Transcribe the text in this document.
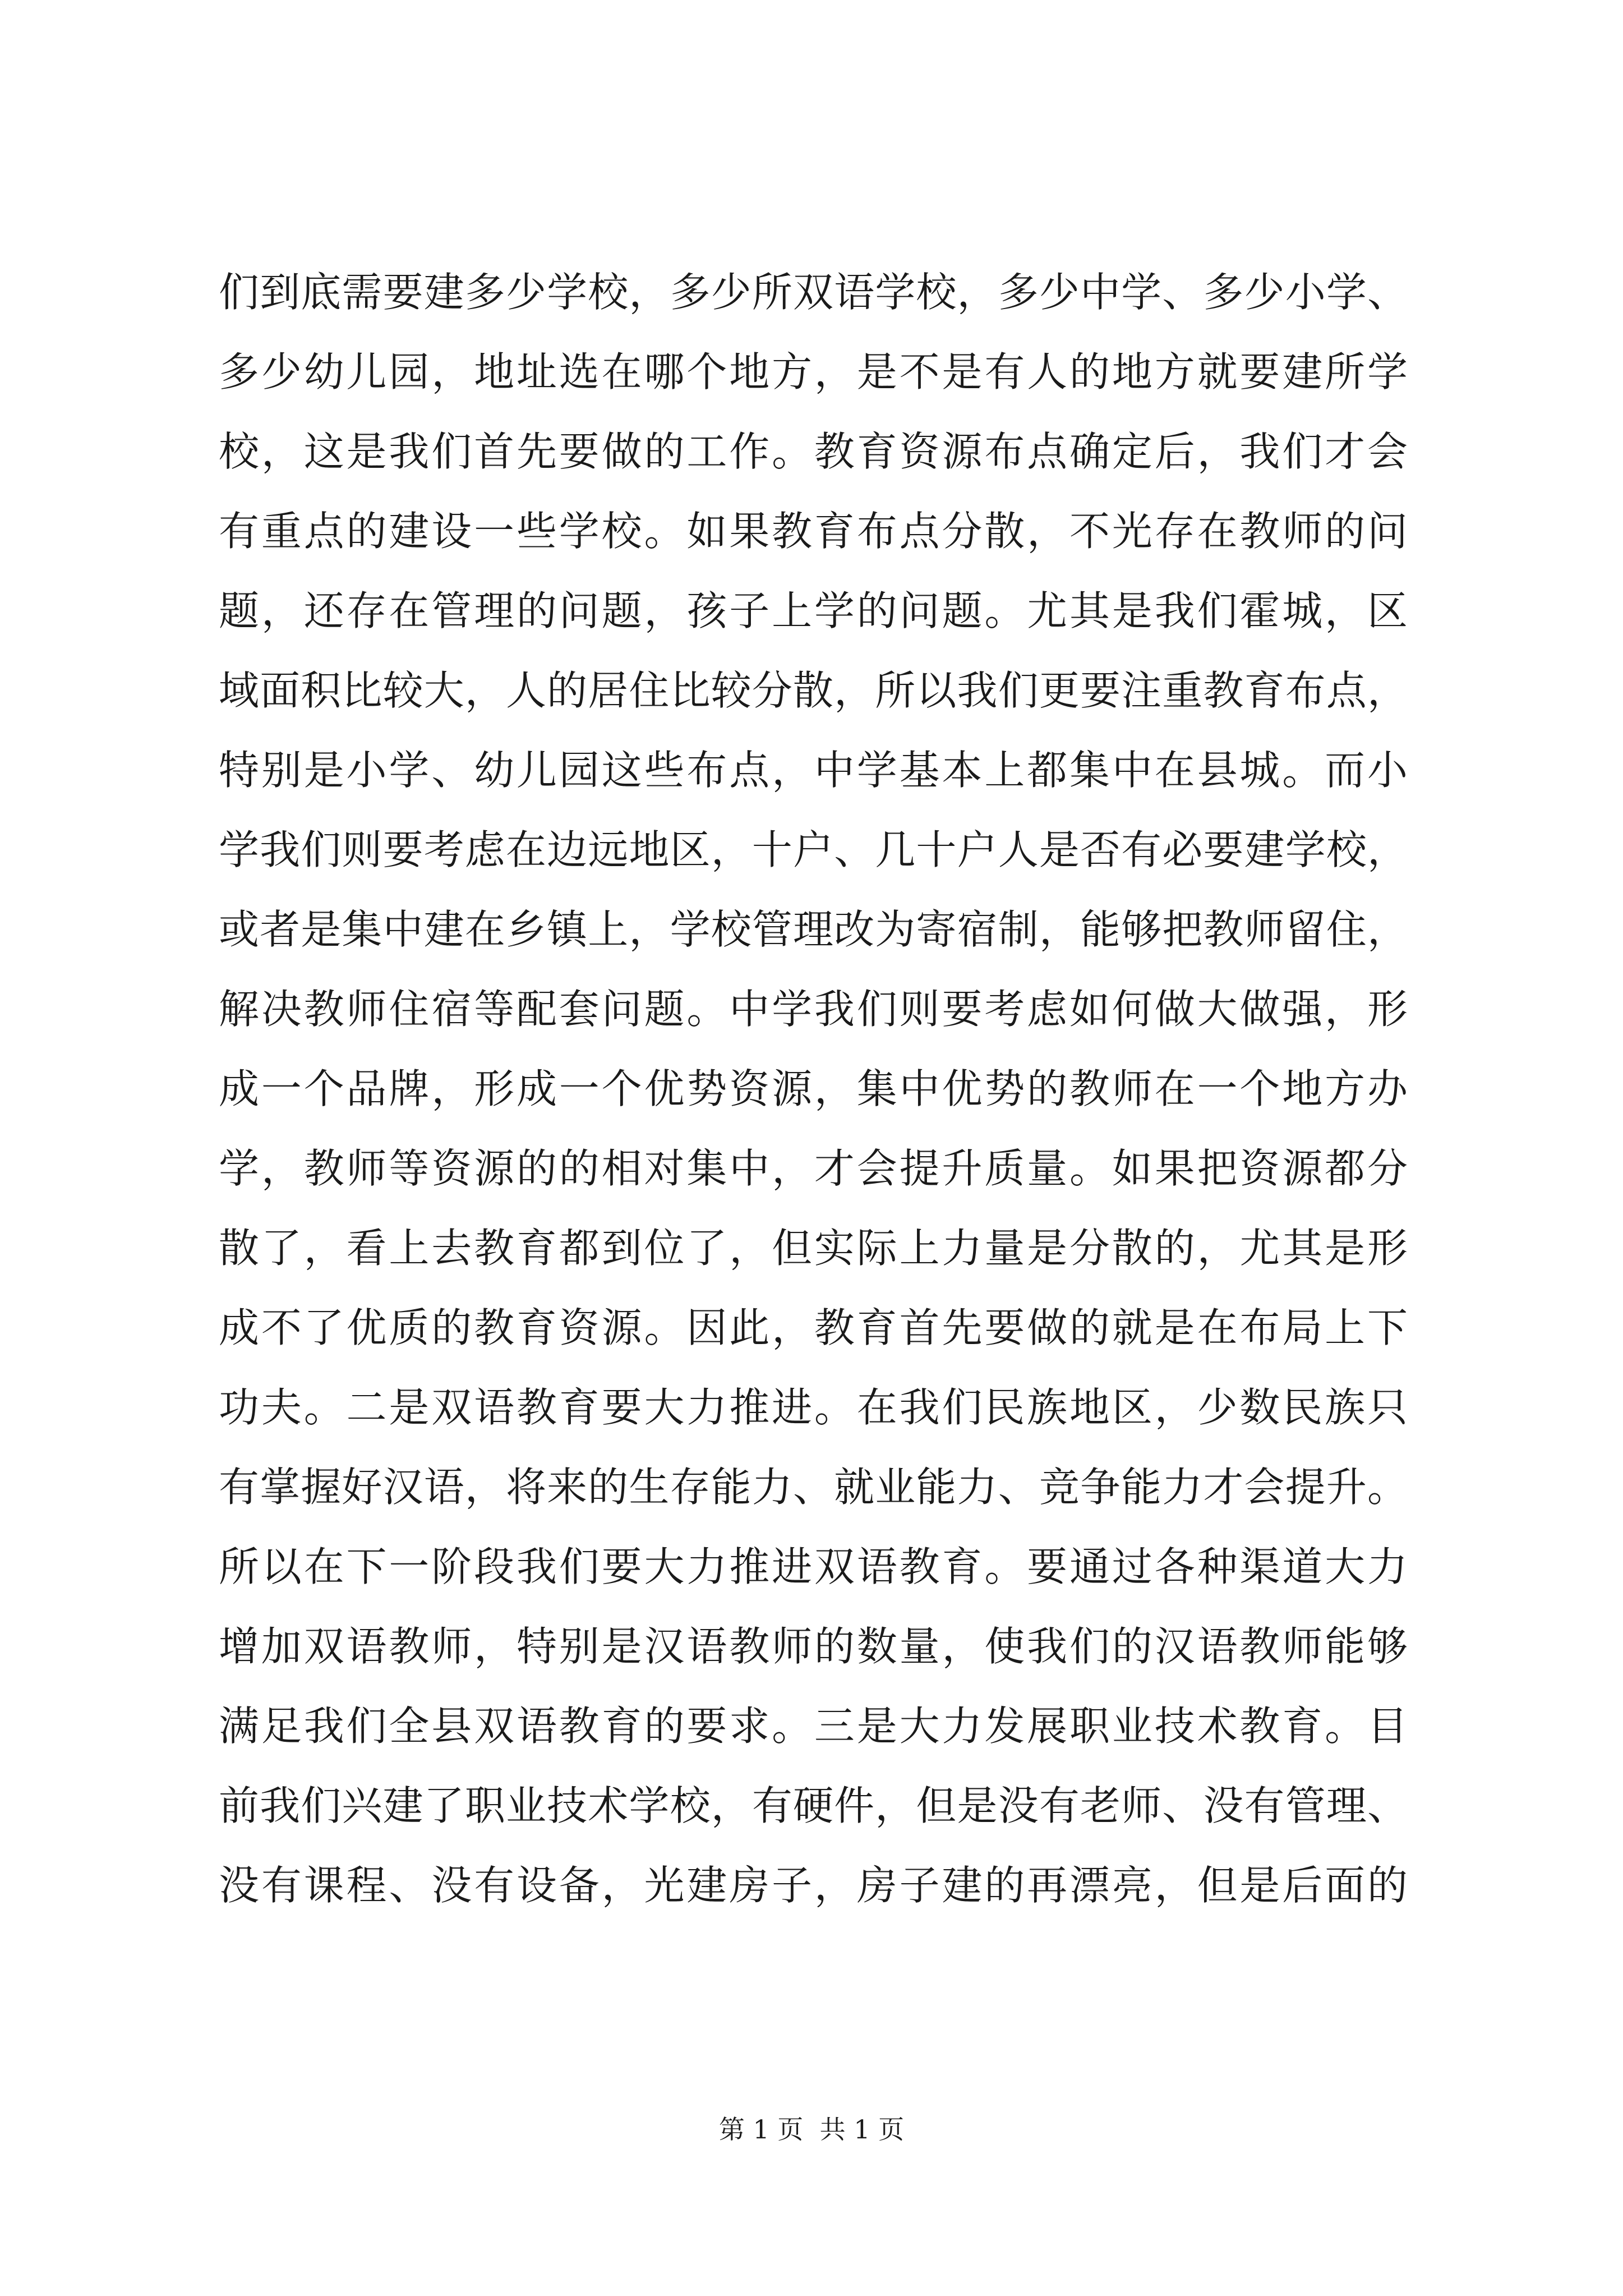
们到底需要建多少学校，多少所双语学校，多少中学、多少小学、
多少幼儿园，地址选在哪个地方，是不是有人的地方就要建所学
校，这是我们首先要做的工作。教育资源布点确定后，我们才会
有重点的建设一些学校。如果教育布点分散，不光存在教师的问
题，还存在管理的问题，孩子上学的问题。尤其是我们霍城，区
域面积比较大，人的居住比较分散，所以我们更要注重教育布点，
特别是小学、幼儿园这些布点，中学基本上都集中在县城。而小
学我们则要考虑在边远地区，十户、几十户人是否有必要建学校，
或者是集中建在乡镇上，学校管理改为寄宿制，能够把教师留住，
解决教师住宿等配套问题。中学我们则要考虑如何做大做强，形
成一个品牌，形成一个优势资源，集中优势的教师在一个地方办
学，教师等资源的的相对集中，才会提升质量。如果把资源都分
散了，看上去教育都到位了，但实际上力量是分散的，尤其是形
成不了优质的教育资源。因此，教育首先要做的就是在布局上下
功夫。二是双语教育要大力推进。在我们民族地区，少数民族只
有掌握好汉语，将来的生存能力、就业能力、竞争能力才会提升。
所以在下一阶段我们要大力推进双语教育。要通过各种渠道大力
增加双语教师，特别是汉语教师的数量，使我们的汉语教师能够
满足我们全县双语教育的要求。三是大力发展职业技术教育。目
前我们兴建了职业技术学校，有硬件，但是没有老师、没有管理、
没有课程、没有设备，光建房子，房子建的再漂亮，但是后面的
第 1 页  共 1 页
